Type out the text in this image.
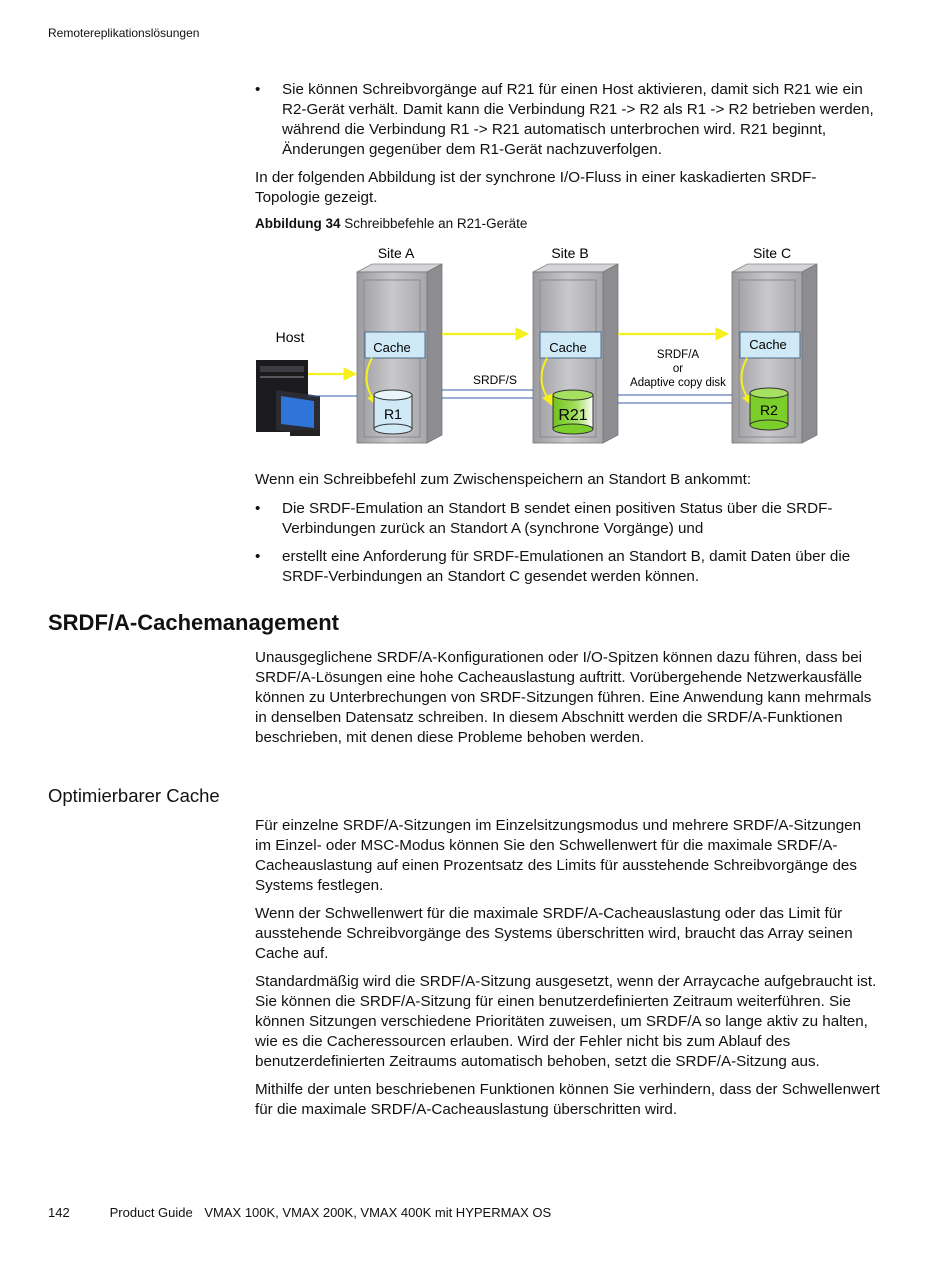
Remotereplikationslösungen
• Sie können Schreibvorgänge auf R21 für einen Host aktivieren, damit sich R21 wie ein R2-Gerät verhält. Damit kann die Verbindung R21 -> R2 als R1 -> R2 betrieben werden, während die Verbindung R1 -> R21 automatisch unterbrochen wird. R21 beginnt, Änderungen gegenüber dem R1-Gerät nachzuverfolgen.

In der folgenden Abbildung ist der synchrone I/O-Fluss in einer kaskadierten SRDF-Topologie gezeigt.

Abbildung 34 Schreibbefehle an R21-Geräte
Site A	Site B	Site C
Host
Cache	Cache	Cache
R1	R21	R2
SRDF/S
SRDF/A
or
Adaptive copy disk

Wenn ein Schreibbefehl zum Zwischenspeichern an Standort B ankommt:

• Die SRDF-Emulation an Standort B sendet einen positiven Status über die SRDF-Verbindungen zurück an Standort A (synchrone Vorgänge) und
• erstellt eine Anforderung für SRDF-Emulationen an Standort B, damit Daten über die SRDF-Verbindungen an Standort C gesendet werden können.
SRDF/A-Cachemanagement

Unausgeglichene SRDF/A-Konfigurationen oder I/O-Spitzen können dazu führen, dass bei SRDF/A-Lösungen eine hohe Cacheauslastung auftritt. Vorübergehende Netzwerkausfälle können zu Unterbrechungen von SRDF-Sitzungen führen. Eine Anwendung kann mehrmals in denselben Datensatz schreiben. In diesem Abschnitt werden die SRDF/A-Funktionen beschrieben, mit denen diese Probleme behoben werden.

Optimierbarer Cache

Für einzelne SRDF/A-Sitzungen im Einzelsitzungsmodus und mehrere SRDF/A-Sitzungen im Einzel- oder MSC-Modus können Sie den Schwellenwert für die maximale SRDF/A-Cacheauslastung auf einen Prozentsatz des Limits für ausstehende Schreibvorgänge des Systems festlegen.

Wenn der Schwellenwert für die maximale SRDF/A-Cacheauslastung oder das Limit für ausstehende Schreibvorgänge des Systems überschritten wird, braucht das Array seinen Cache auf.

Standardmäßig wird die SRDF/A-Sitzung ausgesetzt, wenn der Arraycache aufgebraucht ist. Sie können die SRDF/A-Sitzung für einen benutzerdefinierten Zeitraum weiterführen. Sie können Sitzungen verschiedene Prioritäten zuweisen, um SRDF/A so lange aktiv zu halten, wie es die Cacheressourcen erlauben. Wird der Fehler nicht bis zum Ablauf des benutzerdefinierten Zeitraums automatisch behoben, setzt die SRDF/A-Sitzung aus.

Mithilfe der unten beschriebenen Funktionen können Sie verhindern, dass der Schwellenwert für die maximale SRDF/A-Cacheauslastung überschritten wird.

142	Product Guide VMAX 100K, VMAX 200K, VMAX 400K mit HYPERMAX OS
